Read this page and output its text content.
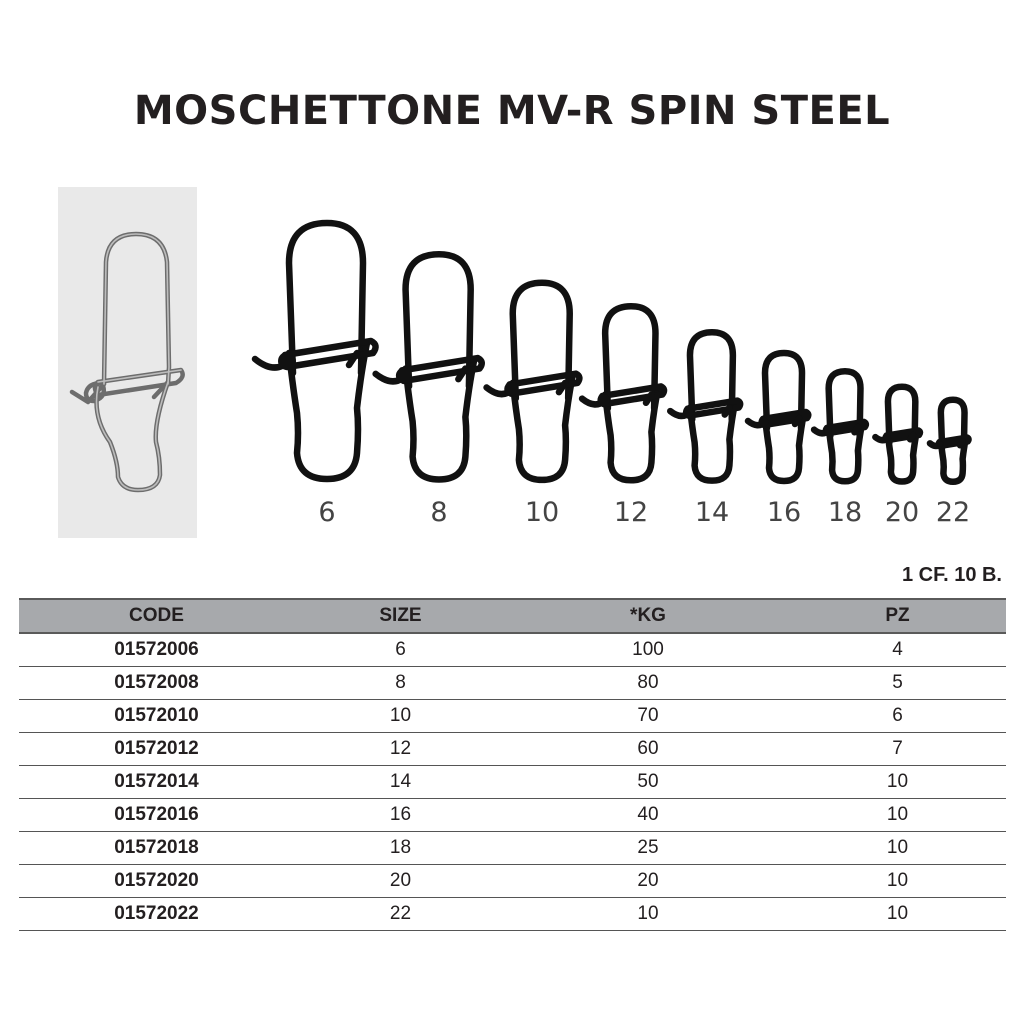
MOSCHETTONE MV-R SPIN STEEL
6	8	10 12 14 16 18 20 22
1 CF. 10 B.
CODE	SIZE	*KG	PZ
01572006	6	100	4
01572008	8	80	5
01572010	10	70	6
01572012	12	60	7
01572014	14	50	10
01572016	16	40	10
01572018	18	25	10
01572020	20	20	10
01572022	22	10	10
